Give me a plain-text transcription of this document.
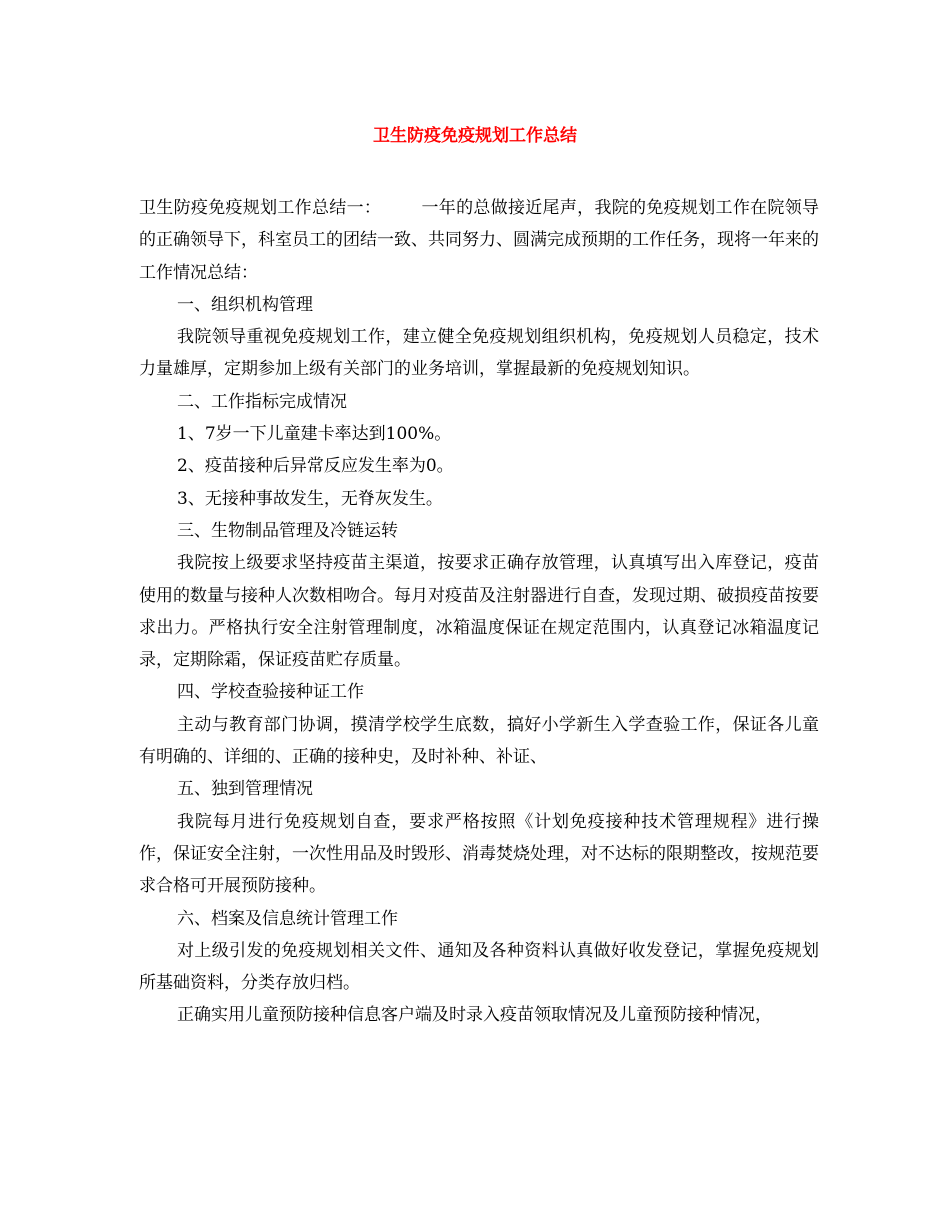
卫生防疫免疫规划工作总结

卫生防疫免疫规划工作总结一： 一年的总做接近尾声，我院的免疫规划工作在院领导的正确领导下，科室员工的团结一致、共同努力、圆满完成预期的工作任务，现将一年来的工作情况总结：

一、组织机构管理

我院领导重视免疫规划工作，建立健全免疫规划组织机构，免疫规划人员稳定，技术力量雄厚，定期参加上级有关部门的业务培训，掌握最新的免疫规划知识。

二、工作指标完成情况

1、7岁一下儿童建卡率达到100%。

2、疫苗接种后异常反应发生率为0。

3、无接种事故发生，无脊灰发生。

三、生物制品管理及冷链运转

我院按上级要求坚持疫苗主渠道，按要求正确存放管理，认真填写出入库登记，疫苗使用的数量与接种人次数相吻合。每月对疫苗及注射器进行自查，发现过期、破损疫苗按要求出力。严格执行安全注射管理制度，冰箱温度保证在规定范围内，认真登记冰箱温度记录，定期除霜，保证疫苗贮存质量。

四、学校查验接种证工作

主动与教育部门协调，摸清学校学生底数，搞好小学新生入学查验工作，保证各儿童有明确的、详细的、正确的接种史，及时补种、补证、

五、独到管理情况

我院每月进行免疫规划自查，要求严格按照《计划免疫接种技术管理规程》进行操作，保证安全注射，一次性用品及时毁形、消毒焚烧处理，对不达标的限期整改，按规范要求合格可开展预防接种。

六、档案及信息统计管理工作

对上级引发的免疫规划相关文件、通知及各种资料认真做好收发登记，掌握免疫规划所基础资料，分类存放归档。

正确实用儿童预防接种信息客户端及时录入疫苗领取情况及儿童预防接种情况，
